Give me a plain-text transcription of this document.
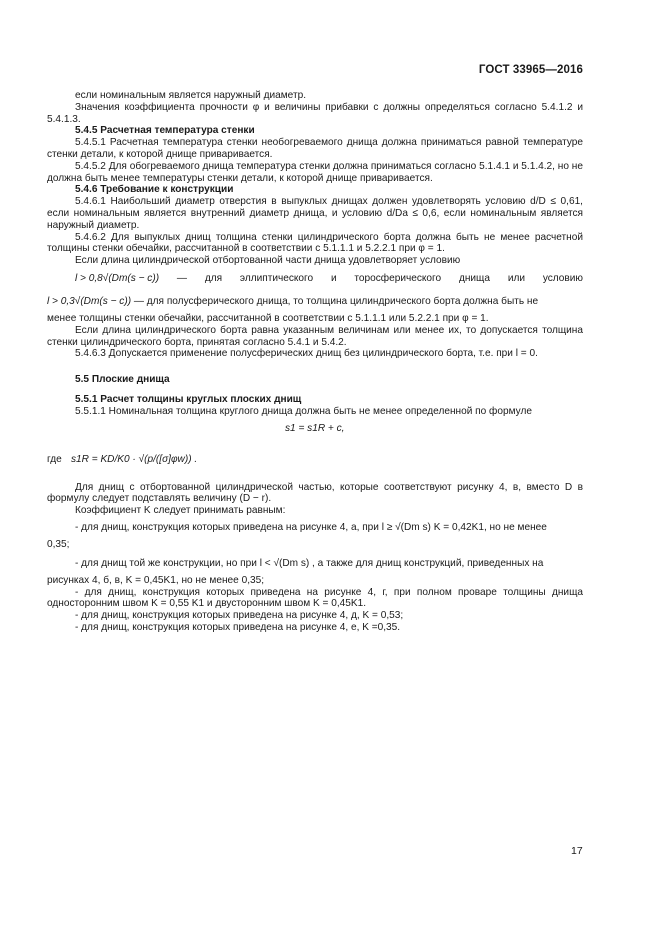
ГОСТ 33965—2016

если номинальным является наружный диаметр.

Значения коэффициента прочности φ и величины прибавки c должны определяться согласно 5.4.1.2 и 5.4.1.3.

5.4.5 Расчетная температура стенки

5.4.5.1 Расчетная температура стенки необогреваемого днища должна приниматься равной температуре стенки детали, к которой днище приваривается.

5.4.5.2 Для обогреваемого днища температура стенки должна приниматься согласно 5.1.4.1 и 5.1.4.2, но не должна быть менее температуры стенки детали, к которой днище приваривается.

5.4.6 Требование к конструкции

5.4.6.1 Наибольший диаметр отверстия в выпуклых днищах должен удовлетворять условию d/D ≤ 0,61, если номинальным является внутренний диаметр днища, и условию d/Da ≤ 0,6, если номинальным является наружный диаметр.

5.4.6.2 Для выпуклых днищ толщина стенки цилиндрического борта должна быть не менее расчетной толщины стенки обечайки, рассчитанной в соответствии с 5.1.1.1 и 5.2.2.1 при φ = 1.

Если длина цилиндрической отбортованной части днища удовлетворяет условию

l > 0,8√(Dm(s − c)) — для эллиптического и торосферического днища или условию

l > 0,3√(Dm(s − c)) — для полусферического днища, то толщина цилиндрического борта должна быть не

менее толщины стенки обечайки, рассчитанной в соответствии с 5.1.1.1 или 5.2.2.1 при φ = 1.

Если длина цилиндрического борта равна указанным величинам или менее их, то допускается толщина стенки цилиндрического борта, принятая согласно 5.4.1 и 5.4.2.

5.4.6.3 Допускается применение полусферических днищ без цилиндрического борта, т.е. при l = 0.

5.5 Плоские днища

5.5.1 Расчет толщины круглых плоских днищ

5.5.1.1 Номинальная толщина круглого днища должна быть не менее определенной по формуле

s1 = s1R + c,

где s1R = KD/K0 · √(p/([σ]φw)) .

Для днищ с отбортованной цилиндрической частью, которые соответствуют рисунку 4, в, вместо D в формулу следует подставлять величину (D − r).

Коэффициент K следует принимать равным:

- для днищ, конструкция которых приведена на рисунке 4, а, при l ≥ √(Dm s) K = 0,42K1, но не менее

0,35;

- для днищ той же конструкции, но при l < √(Dm s) , а также для днищ конструкций, приведенных на

рисунках 4, б, в, K = 0,45K1, но не менее 0,35;

- для днищ, конструкция которых приведена на рисунке 4, г, при полном проваре толщины днища односторонним швом K = 0,55 K1 и двусторонним швом K = 0,45K1.

- для днищ, конструкция которых приведена на рисунке 4, д, K = 0,53;

- для днищ, конструкция которых приведена на рисунке 4, е, K =0,35.

17
